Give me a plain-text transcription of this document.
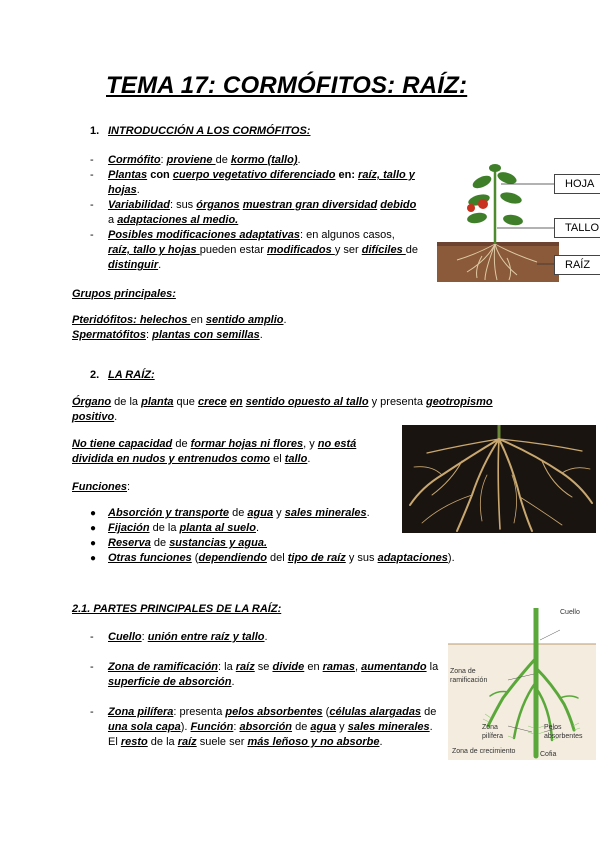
TEMA 17: CORMÓFITOS: RAÍZ:
1. INTRODUCCIÓN A LOS CORMÓFITOS:
- Cormófito: proviene de kormo (tallo).
- Plantas con cuerpo vegetativo diferenciado en: raíz, tallo y
hojas.
- Variabilidad: sus órganos muestran gran diversidad debido
a adaptaciones al medio.
- Posibles modificaciones adaptativas: en algunos casos,
raíz, tallo y hojas pueden estar modificados y ser difíciles de
distinguir.
HOJA
TALLO
RAÍZ
Grupos principales:
Pteridófitos: helechos en sentido amplio.
Spermatófitos: plantas con semillas.
2. LA RAÍZ:
Órgano de la planta que crece en sentido opuesto al tallo y presenta geotropismo
positivo.
No tiene capacidad de formar hojas ni flores, y no está
dividida en nudos y entrenudos como el tallo.
Funciones:
● Absorción y transporte de agua y sales minerales.
● Fijación de la planta al suelo.
● Reserva de sustancias y agua.
● Otras funciones (dependiendo del tipo de raíz y sus adaptaciones).
2.1. PARTES PRINCIPALES DE LA RAÍZ:
- Cuello: unión entre raíz y tallo.
- Zona de ramificación: la raíz se divide en ramas, aumentando la
superficie de absorción.
- Zona pilífera: presenta pelos absorbentes (células alargadas de
una sola capa). Función: absorción de agua y sales minerales.
El resto de la raíz suele ser más leñoso y no absorbe.
Cuello
Zona de
ramificación
Zona
pilífera
Pelos
absorbentes
Zona de crecimiento	Cofia
